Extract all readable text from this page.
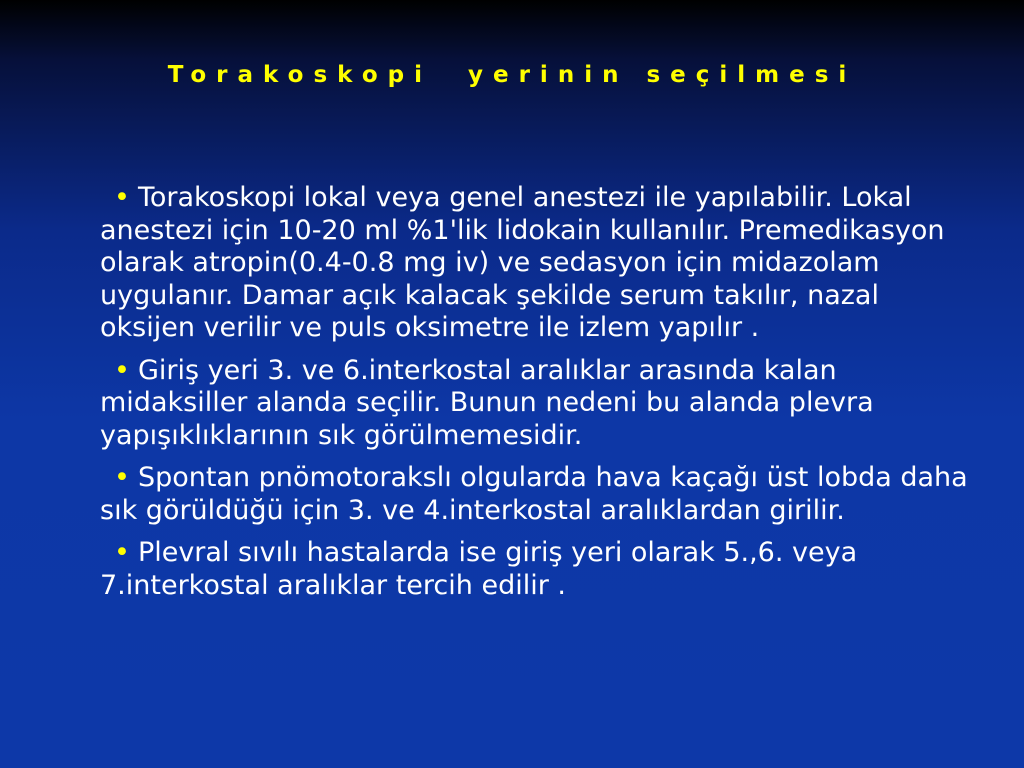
Torakoskopi  yerinin seçilmesi
• Torakoskopi lokal veya genel anestezi ile yapılabilir. Lokal anestezi için 10-20 ml %1'lik lidokain kullanılır. Premedikasyon olarak atropin(0.4-0.8 mg iv) ve sedasyon için midazolam uygulanır. Damar açık kalacak şekilde serum takılır, nazal oksijen verilir ve puls oksimetre ile izlem yapılır .
• Giriş yeri 3. ve 6.interkostal aralıklar arasında kalan midaksiller alanda seçilir. Bunun nedeni bu alanda plevra yapışıklıklarının sık görülmemesidir.
• Spontan pnömotorakslı olgularda hava kaçağı üst lobda daha sık görüldüğü için 3. ve 4.interkostal aralıklardan girilir.
• Plevral sıvılı hastalarda ise giriş yeri olarak 5.,6. veya 7.interkostal aralıklar tercih edilir .
